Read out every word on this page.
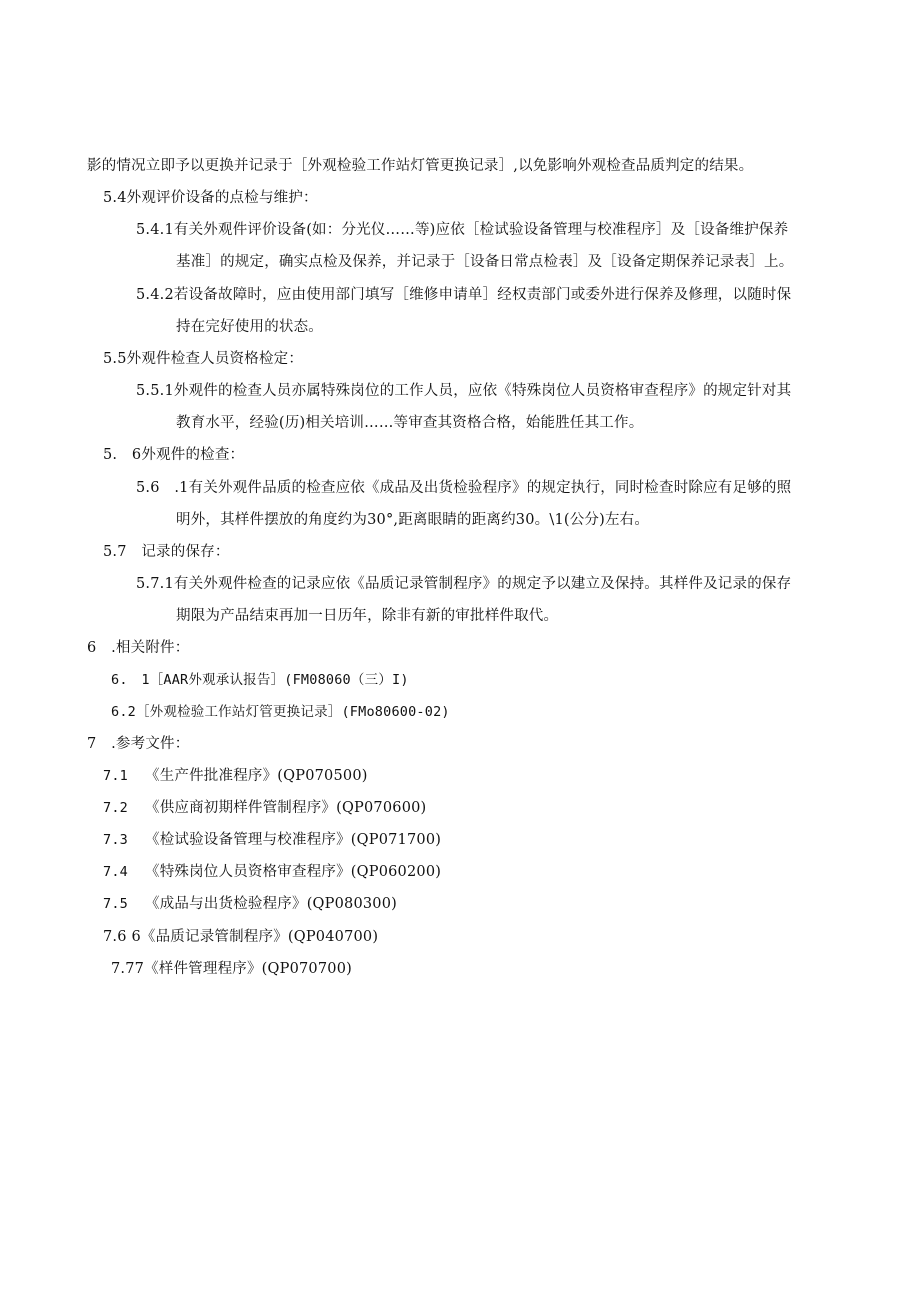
影的情况立即予以更换并记录于［外观检验工作站灯管更换记录］,以免影响外观检查品质判定的结果。
5.4外观评价设备的点检与维护：
5.4.1有关外观件评价设备(如：分光仪……等)应依［检试验设备管理与校准程序］及［设备维护保养
基准］的规定，确实点检及保养，并记录于［设备日常点检表］及［设备定期保养记录表］上。
5.4.2若设备故障时，应由使用部门填写［维修申请单］经权责部门或委外进行保养及修理，以随时保
持在完好使用的状态。
5.5外观件检查人员资格检定：
5.5.1外观件的检查人员亦属特殊岗位的工作人员，应依《特殊岗位人员资格审查程序》的规定针对其
教育水平，经验(历)相关培训……等审查其资格合格，始能胜任其工作。
5.　6外观件的检查：
5.6　.1有关外观件品质的检查应依《成品及出货检验程序》的规定执行，同时检查时除应有足够的照
明外，其样件摆放的角度约为30°,距离眼睛的距离约30。\1(公分)左右。
5.7　记录的保存：
5.7.1有关外观件检查的记录应依《品质记录管制程序》的规定予以建立及保持。其样件及记录的保存
期限为产品结束再加一日历年，除非有新的审批样件取代。
6　.相关附件：
6.　1［AAR外观承认报告］(FM08060（三）I)
6.2［外观检验工作站灯管更换记录］(FMo80600-02)
7　.参考文件：
7.1 《生产件批准程序》(QP070500)
7.2 《供应商初期样件管制程序》(QP070600)
7.3 《检试验设备管理与校准程序》(QP071700)
7.4 《特殊岗位人员资格审查程序》(QP060200)
7.5 《成品与出货检验程序》(QP080300)
7.6 6《品质记录管制程序》(QP040700)
7.77《样件管理程序》(QP070700)
